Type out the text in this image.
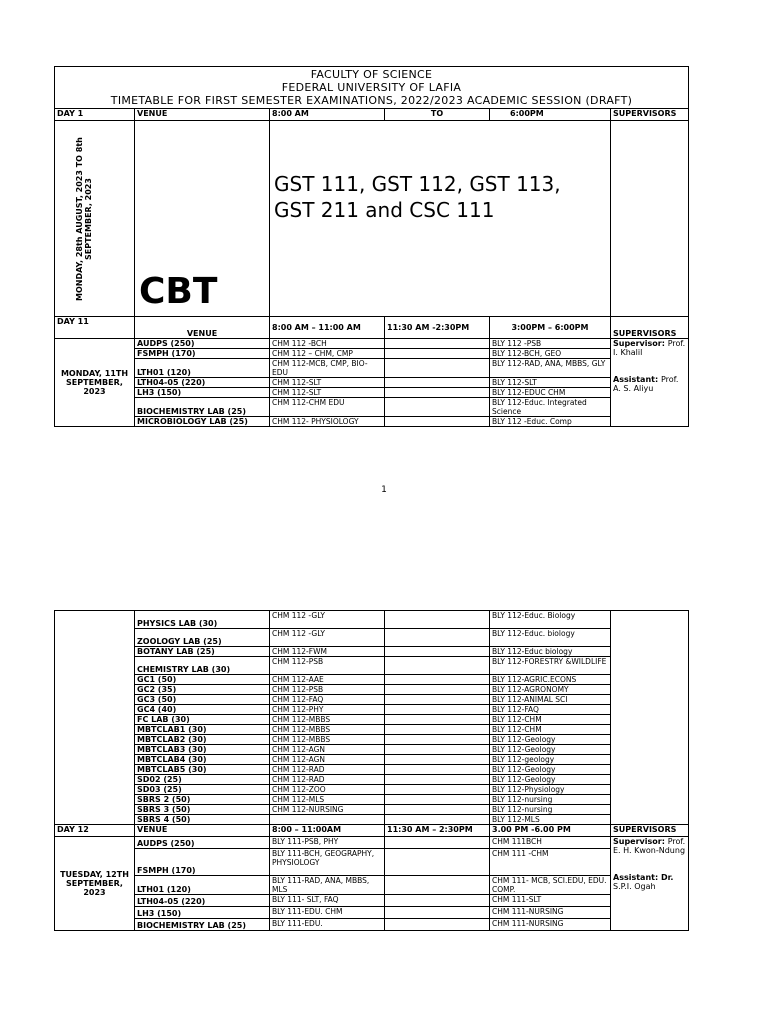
FACULTY OF SCIENCE
FEDERAL UNIVERSITY OF LAFIA
TIMETABLE FOR FIRST SEMESTER EXAMINATIONS, 2022/2023 ACADEMIC SESSION (DRAFT)					

DAY 1	VENUE	8:00 AM	TO	6:00PM	SUPERVISORS

MONDAY, 28th AUGUST, 2023 TO 8th SEPTEMBER, 2023	CBT	GST 111, GST 112, GST 113, GST 211 and CSC 111			
DAY 11	VENUE	8:00 AM – 11:00 AM	11:30 AM -2:30PM	3:00PM – 6:00PM	SUPERVISORS
MONDAY, 11TH SEPTEMBER, 2023	AUDPS (250)	CHM 112 -BCH		BLY 112 -PSB	Supervisor: Prof. I. Khalil
Assistant: Prof. A. S. Aliyu

	FSMPH (170)	CHM 112 – CHM, CMP		BLY 112-BCH, GEO	
	LTH01 (120)	CHM 112-MCB, CMP, BIO-EDU		BLY 112-RAD, ANA, MBBS, GLY	
	LTH04-05 (220)	CHM 112-SLT		BLY 112-SLT	
	LH3 (150)	CHM 112-SLT		BLY 112-EDUC CHM	
	BIOCHEMISTRY LAB (25)	CHM 112-CHM EDU		BLY 112-Educ. Integrated Science	
	MICROBIOLOGY LAB (25)	CHM 112- PHYSIOLOGY		BLY 112 -Educ. Comp	
1
	PHYSICS LAB (30)	CHM 112 -GLY		BLY 112-Educ. Biology	
	ZOOLOGY LAB (25)	CHM 112 -GLY		BLY 112-Educ. biology	
	BOTANY LAB (25)	CHM 112-FWM		BLY 112-Educ biology	
	CHEMISTRY LAB (30)	CHM 112-PSB		BLY 112-FORESTRY &WILDLIFE	
	GC1 (50)	CHM 112-AAE		BLY 112-AGRIC.ECONS	
	GC2 (35)	CHM 112-PSB		BLY 112-AGRONOMY	
	GC3 (50)	CHM 112-FAQ		BLY 112-ANIMAL SCI	
	GC4 (40)	CHM 112-PHY		BLY 112-FAQ	
	FC LAB (30)	CHM 112-MBBS		BLY 112-CHM	
	MBTCLAB1 (30)	CHM 112-MBBS		BLY 112-CHM	
	MBTCLAB2 (30)	CHM 112-MBBS		BLY 112-Geology	
	MBTCLAB3 (30)	CHM 112-AGN		BLY 112-Geology	
	MBTCLAB4 (30)	CHM 112-AGN		BLY 112-geology	
	MBTCLAB5 (30)	CHM 112-RAD		BLY 112-Geology	
	SD02 (25)	CHM 112-RAD		BLY 112-Geology	
	SD03 (25)	CHM 112-ZOO		BLY 112-Physiology	
	SBRS 2 (50)	CHM 112-MLS		BLY 112-nursing	
	SBRS 3 (50)	CHM 112-NURSING		BLY 112-nursing	
	SBRS 4 (50)			BLY 112-MLS	
DAY 12	VENUE	8:00 – 11:00AM	11:30 AM – 2:30PM	3.00 PM -6.00 PM	SUPERVISORS
TUESDAY, 12TH SEPTEMBER, 2023	AUDPS (250)	BLY 111-PSB, PHY		CHM 111BCH	Supervisor: Prof. E. H. Kwon-Ndung
Assistant: Dr. S.P.I. Ogah

	FSMPH (170)	BLY 111-BCH, GEOGRAPHY, PHYSIOLOGY		CHM 111 -CHM	
	LTH01 (120)	BLY 111-RAD, ANA, MBBS, MLS		CHM 111- MCB, SCI.EDU, EDU. COMP.	
	LTH04-05 (220)	BLY 111- SLT, FAQ		CHM 111-SLT	
	LH3 (150)	BLY 111-EDU. CHM		CHM 111-NURSING	
	BIOCHEMISTRY LAB (25)	BLY 111-EDU.		CHM 111-NURSING	
